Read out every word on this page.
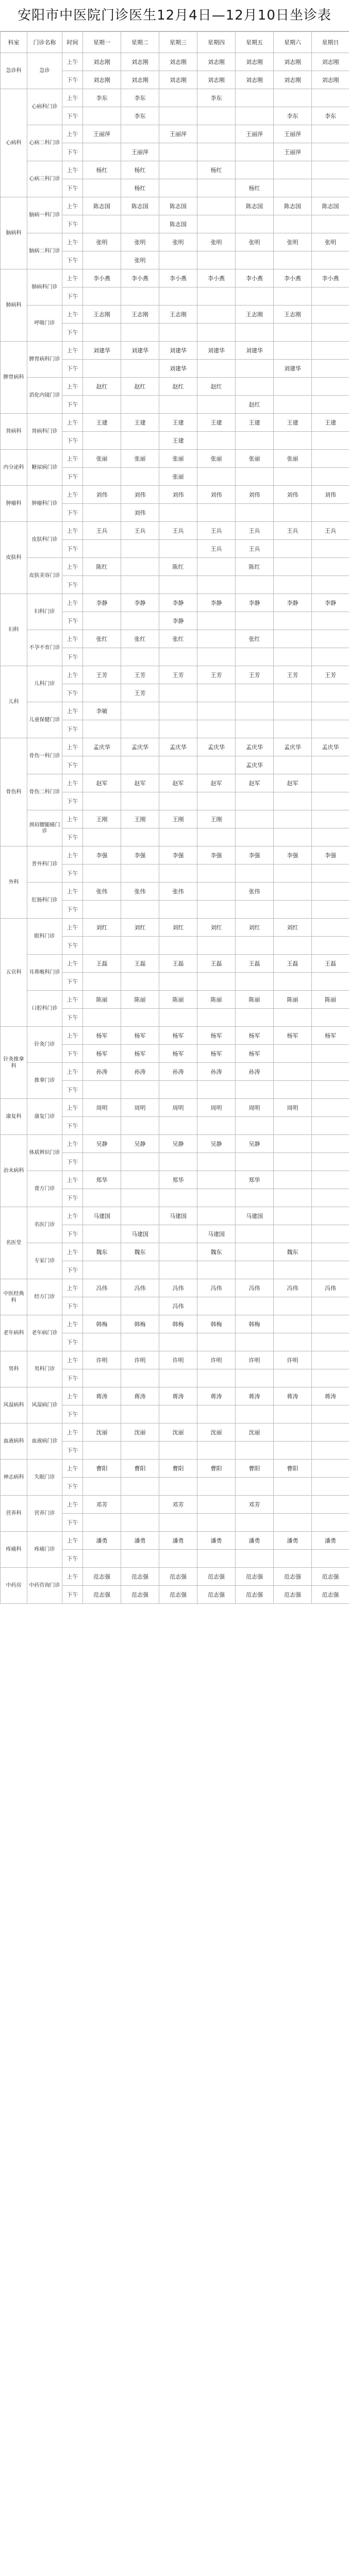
安阳市中医院门诊医生12月4日—12月10日坐诊表
科室	门诊名称	时间	星期一	星期二	星期三	星期四	星期五	星期六	星期日
急诊科	急诊	上午	刘志刚	刘志刚	刘志刚	刘志刚	刘志刚	刘志刚	刘志刚
		下午	刘志刚	刘志刚	刘志刚	刘志刚	刘志刚	刘志刚	刘志刚
心病科	心病科门诊	上午	李东	李东		李东			
		下午		李东				李东	李东
	心病二科门诊	上午	王丽萍		王丽萍		王丽萍	王丽萍	
		下午		王丽萍				王丽萍	
	心病三科门诊	上午	杨红	杨红		杨红			
		下午		杨红			杨红		
脑病科	脑病一科门诊	上午	陈志国	陈志国	陈志国		陈志国	陈志国	陈志国
		下午			陈志国				
	脑病二科门诊	上午	张明	张明	张明	张明	张明	张明	张明
		下午		张明					
肺病科	肺病科门诊	上午	李小燕	李小燕	李小燕	李小燕	李小燕	李小燕	李小燕
		下午							
	呼吸门诊	上午	王志刚	王志刚	王志刚		王志刚	王志刚	
		下午							
脾胃病科	脾胃病科门诊	上午	刘建华	刘建华	刘建华	刘建华	刘建华		
		下午			刘建华			刘建华	
	消化内镜门诊	上午	赵红	赵红	赵红	赵红			
		下午					赵红		
肾病科	肾病科门诊	上午	王建	王建	王建	王建	王建	王建	王建
		下午			王建				
内分泌科	糖尿病门诊	上午	张丽	张丽	张丽	张丽	张丽	张丽	
		下午			张丽				
肿瘤科	肿瘤科门诊	上午	刘伟	刘伟	刘伟	刘伟	刘伟	刘伟	刘伟
		下午		刘伟					
皮肤科	皮肤科门诊	上午	王兵	王兵	王兵	王兵	王兵	王兵	王兵
		下午				王兵	王兵		
	皮肤美容门诊	上午	陈红		陈红		陈红		
		下午							
妇科	妇科门诊	上午	李静	李静	李静	李静	李静	李静	李静
		下午			李静				
	不孕不育门诊	上午	张红	张红	张红		张红		
		下午							
儿科	儿科门诊	上午	王芳	王芳	王芳	王芳	王芳	王芳	王芳
		下午		王芳					
	儿童保健门诊	上午	李敏						
		下午							
骨伤科	骨伤一科门诊	上午	孟庆华	孟庆华	孟庆华	孟庆华	孟庆华	孟庆华	孟庆华
		下午					孟庆华		
	骨伤二科门诊	上午	赵军	赵军	赵军	赵军	赵军	赵军	
		下午							
	颈肩腰腿痛门诊	上午	王刚	王刚	王刚	王刚			
		下午							
外科	普外科门诊	上午	李强	李强	李强	李强	李强	李强	李强
		下午							
	肛肠科门诊	上午	张伟	张伟	张伟		张伟		
		下午							
五官科	眼科门诊	上午	刘红	刘红	刘红	刘红	刘红	刘红	
		下午							
	耳鼻喉科门诊	上午	王磊	王磊	王磊	王磊	王磊	王磊	王磊
		下午							
	口腔科门诊	上午	陈丽	陈丽	陈丽	陈丽	陈丽	陈丽	陈丽
		下午							
针灸推拿科	针灸门诊	上午	杨军	杨军	杨军	杨军	杨军	杨军	杨军
		下午	杨军	杨军	杨军	杨军	杨军		
	推拿门诊	上午	孙涛	孙涛	孙涛	孙涛	孙涛		
		下午							
康复科	康复门诊	上午	周明	周明	周明	周明	周明	周明	
		下午							
治未病科	体质辨识门诊	上午	吴静	吴静	吴静	吴静	吴静		
		下午							
	膏方门诊	上午	郑华		郑华		郑华		
		下午							
名医堂	名医门诊	上午	马建国		马建国		马建国		
		下午		马建国		马建国			
	专家门诊	上午	魏东	魏东		魏东		魏东	
		下午							
中医经典科	经方门诊	上午	冯伟	冯伟	冯伟	冯伟	冯伟	冯伟	冯伟
		下午			冯伟				
老年病科	老年病门诊	上午	韩梅	韩梅	韩梅	韩梅	韩梅		
		下午							
男科	男科门诊	上午	许明	许明	许明	许明	许明	许明	
		下午							
风湿病科	风湿病门诊	上午	蒋涛	蒋涛	蒋涛	蒋涛	蒋涛	蒋涛	蒋涛
		下午							
血液病科	血液病门诊	上午	沈丽	沈丽	沈丽	沈丽	沈丽		
		下午							
神志病科	失眠门诊	上午	曹阳	曹阳	曹阳	曹阳	曹阳	曹阳	
		下午							
营养科	营养门诊	上午	邓芳		邓芳		邓芳		
		下午							
疼痛科	疼痛门诊	上午	潘勇	潘勇	潘勇	潘勇	潘勇	潘勇	潘勇
		下午							
中药房	中药咨询门诊	上午	范志强	范志强	范志强	范志强	范志强	范志强	范志强
		下午	范志强	范志强	范志强	范志强	范志强	范志强	范志强
